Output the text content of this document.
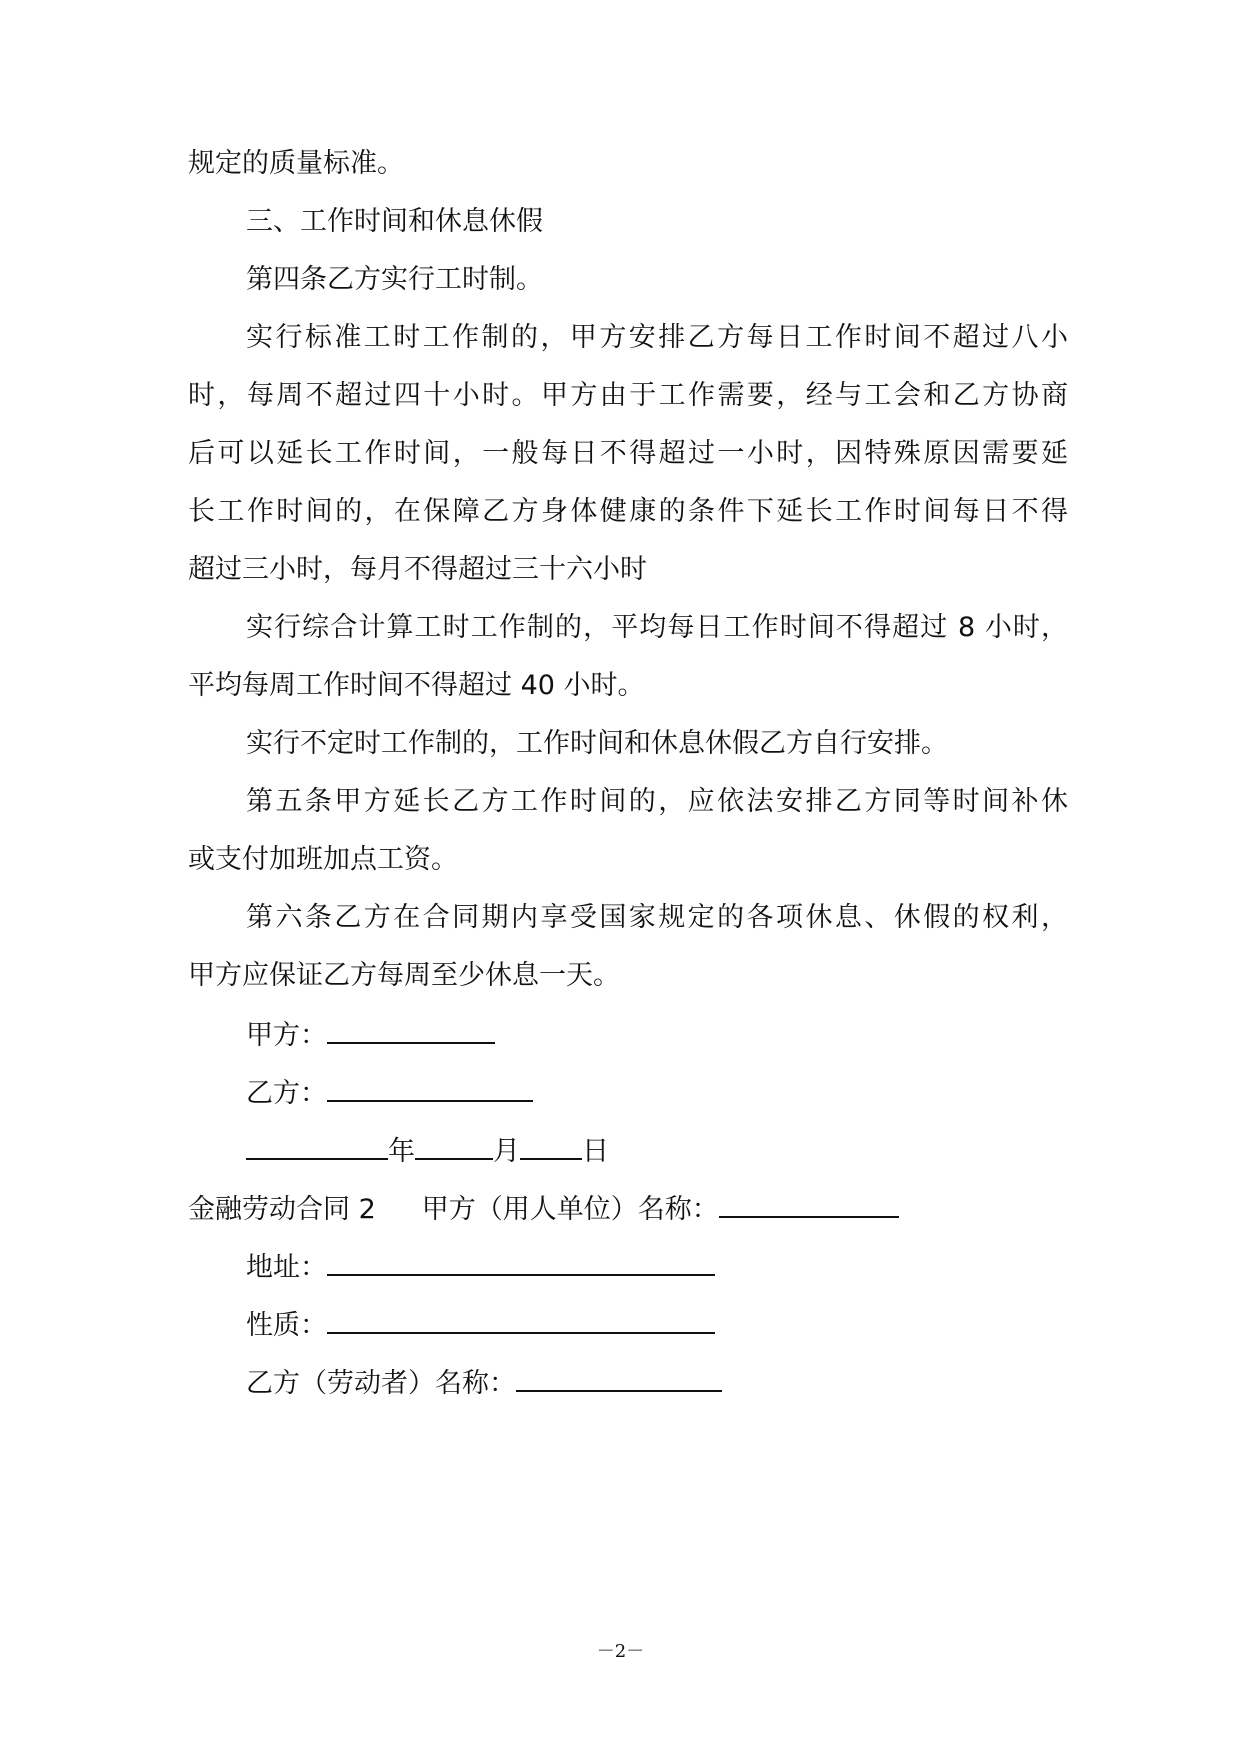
规定的质量标准。
三、工作时间和休息休假
第四条乙方实行工时制。
实行标准工时工作制的，甲方安排乙方每日工作时间不超过八小
时，每周不超过四十小时。甲方由于工作需要，经与工会和乙方协商
后可以延长工作时间，一般每日不得超过一小时，因特殊原因需要延
长工作时间的，在保障乙方身体健康的条件下延长工作时间每日不得
超过三小时，每月不得超过三十六小时
实行综合计算工时工作制的，平均每日工作时间不得超过 8 小时，
平均每周工作时间不得超过 40 小时。
实行不定时工作制的，工作时间和休息休假乙方自行安排。
第五条甲方延长乙方工作时间的，应依法安排乙方同等时间补休
或支付加班加点工资。
第六条乙方在合同期内享受国家规定的各项休息、休假的权利，
甲方应保证乙方每周至少休息一天。
甲方：
乙方：
年	月 日
金融劳动合同 2 甲方（用人单位）名称：
地址：
性质：
乙方（劳动者）名称：
－2－
